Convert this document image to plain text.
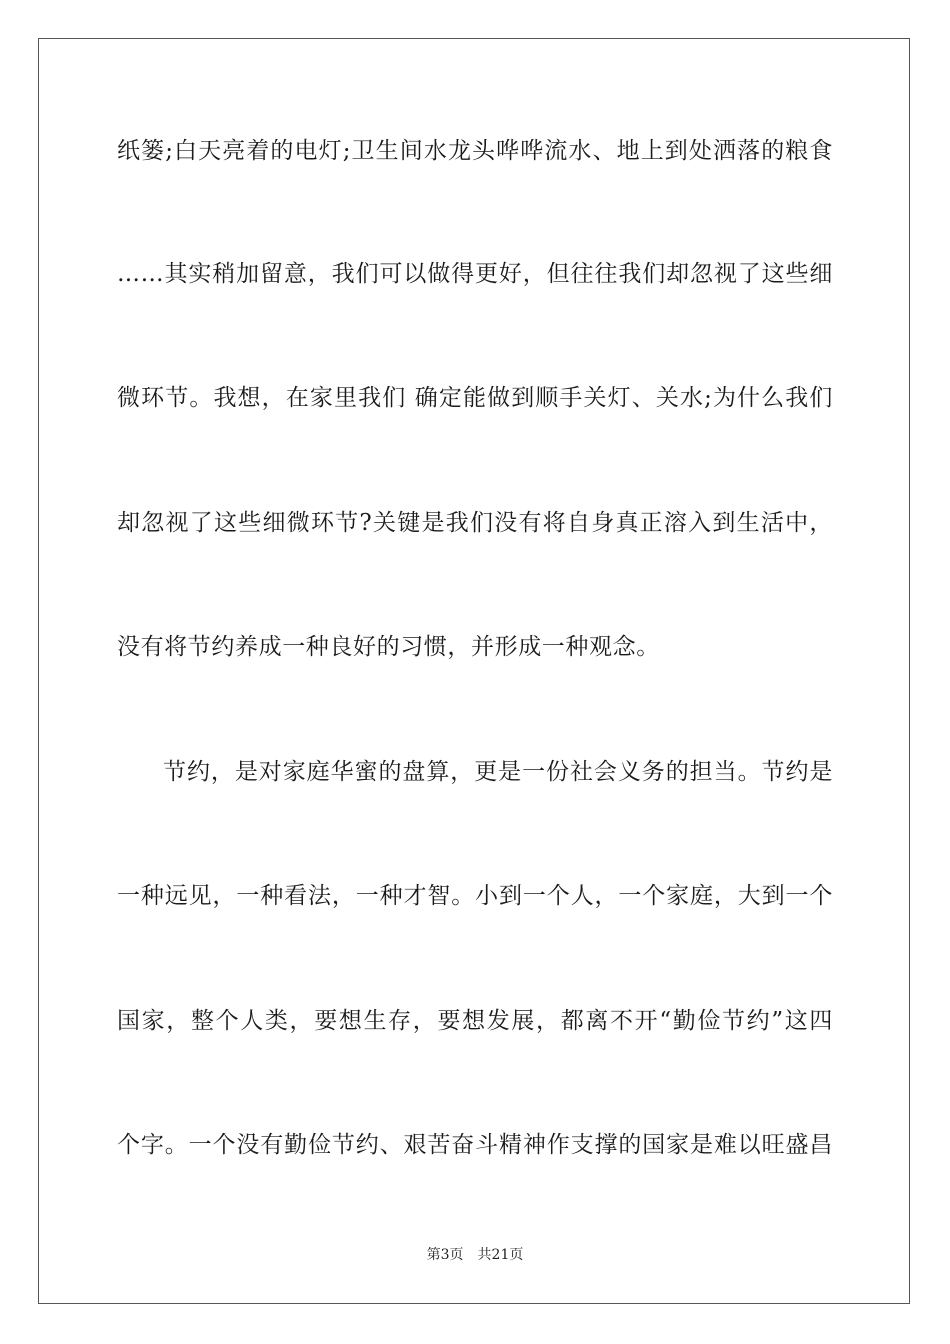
纸篓;白天亮着的电灯;卫生间水龙头哗哗流水、地上到处洒落的粮食
……其实稍加留意，我们可以做得更好，但往往我们却忽视了这些细
微环节。我想，在家里我们 确定能做到顺手关灯、关水;为什么我们
却忽视了这些细微环节?关键是我们没有将自身真正溶入到生活中，
没有将节约养成一种良好的习惯，并形成一种观念。
节约，是对家庭华蜜的盘算，更是一份社会义务的担当。节约是
一种远见，一种看法，一种才智。小到一个人，一个家庭，大到一个
国家，整个人类，要想生存，要想发展，都离不开“勤俭节约”这四
个字。一个没有勤俭节约、艰苦奋斗精神作支撑的国家是难以旺盛昌
第3页 共21页
